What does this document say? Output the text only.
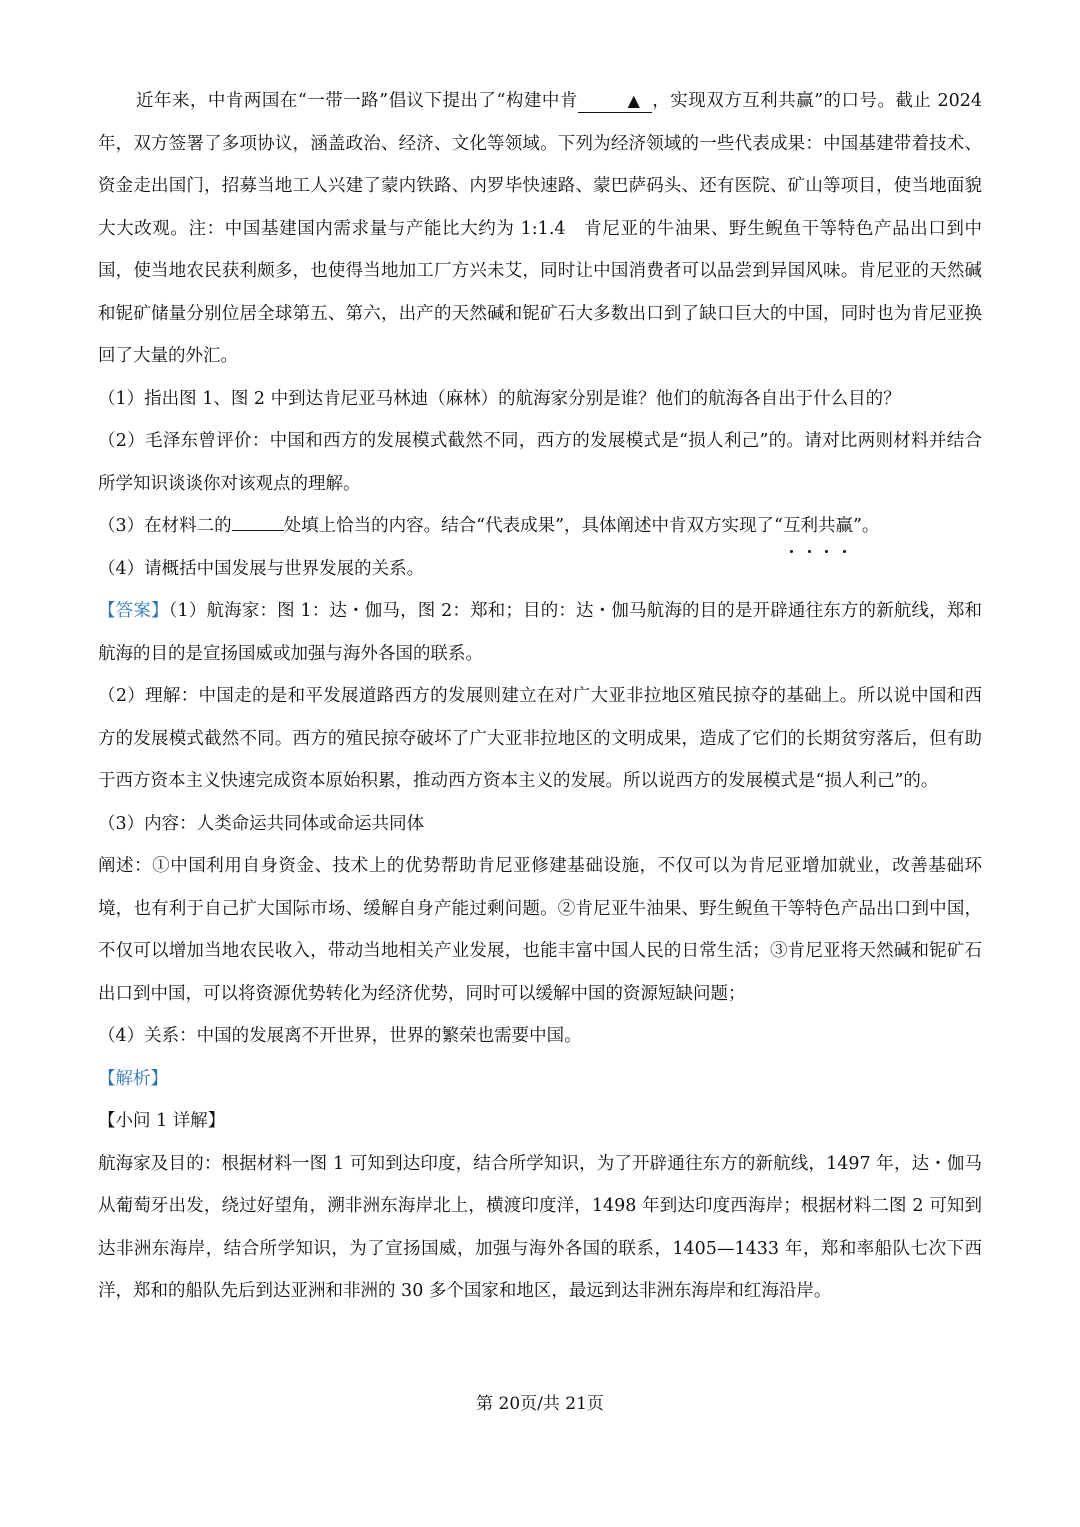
近年来，中肯两国在“一带一路”倡议下提出了“构建中肯	▲ ，实现双方互利共赢”的口号。截止 2024 年，双方签署了多项协议，涵盖政治、经济、文化等领域。下列为经济领域的一些代表成果：中国基建带着技术、资金走出国门，招募当地工人兴建了蒙内铁路、内罗毕快速路、蒙巴萨码头、还有医院、矿山等项目，使当地面貌大大改观。注：中国基建国内需求量与产能比大约为 1:1.4　肯尼亚的牛油果、野生鲵鱼干等特色产品出口到中国，使当地农民获利颇多，也使得当地加工厂方兴未艾，同时让中国消费者可以品尝到异国风味。肯尼亚的天然碱和铌矿储量分别位居全球第五、第六，出产的天然碱和铌矿石大多数出口到了缺口巨大的中国，同时也为肯尼亚换回了大量的外汇。

（1）指出图 1、图 2 中到达肯尼亚马林迪（麻林）的航海家分别是谁？他们的航海各自出于什么目的？

（2）毛泽东曾评价：中国和西方的发展模式截然不同，西方的发展模式是“损人利己”的。请对比两则材料并结合所学知识谈谈你对该观点的理解。

（3）在材料二的	处填上恰当的内容。结合“代表成果”，具体阐述中肯双方实现了“互利共赢”。

（4）请概括中国发展与世界发展的关系。

【答案】（1）航海家：图 1：达・伽马，图 2：郑和；目的：达・伽马航海的目的是开辟通往东方的新航线，郑和航海的目的是宣扬国威或加强与海外各国的联系。

（2）理解：中国走的是和平发展道路西方的发展则建立在对广大亚非拉地区殖民掠夺的基础上。所以说中国和西方的发展模式截然不同。西方的殖民掠夺破坏了广大亚非拉地区的文明成果，造成了它们的长期贫穷落后，但有助于西方资本主义快速完成资本原始积累，推动西方资本主义的发展。所以说西方的发展模式是“损人利己”的。

（3）内容：人类命运共同体或命运共同体

阐述：①中国利用自身资金、技术上的优势帮助肯尼亚修建基础设施，不仅可以为肯尼亚增加就业，改善基础环境，也有利于自己扩大国际市场、缓解自身产能过剩问题。②肯尼亚牛油果、野生鲵鱼干等特色产品出口到中国，不仅可以增加当地农民收入，带动当地相关产业发展，也能丰富中国人民的日常生活；③肯尼亚将天然碱和铌矿石出口到中国，可以将资源优势转化为经济优势，同时可以缓解中国的资源短缺问题；

（4）关系：中国的发展离不开世界，世界的繁荣也需要中国。

【解析】

【小问 1 详解】

航海家及目的：根据材料一图 1 可知到达印度，结合所学知识，为了开辟通往东方的新航线，1497 年，达・伽马从葡萄牙出发，绕过好望角，溯非洲东海岸北上，横渡印度洋，1498 年到达印度西海岸；根据材料二图 2 可知到达非洲东海岸，结合所学知识，为了宣扬国威，加强与海外各国的联系，1405—1433 年，郑和率船队七次下西洋，郑和的船队先后到达亚洲和非洲的 30 多个国家和地区，最远到达非洲东海岸和红海沿岸。

第 20页/共 21页
